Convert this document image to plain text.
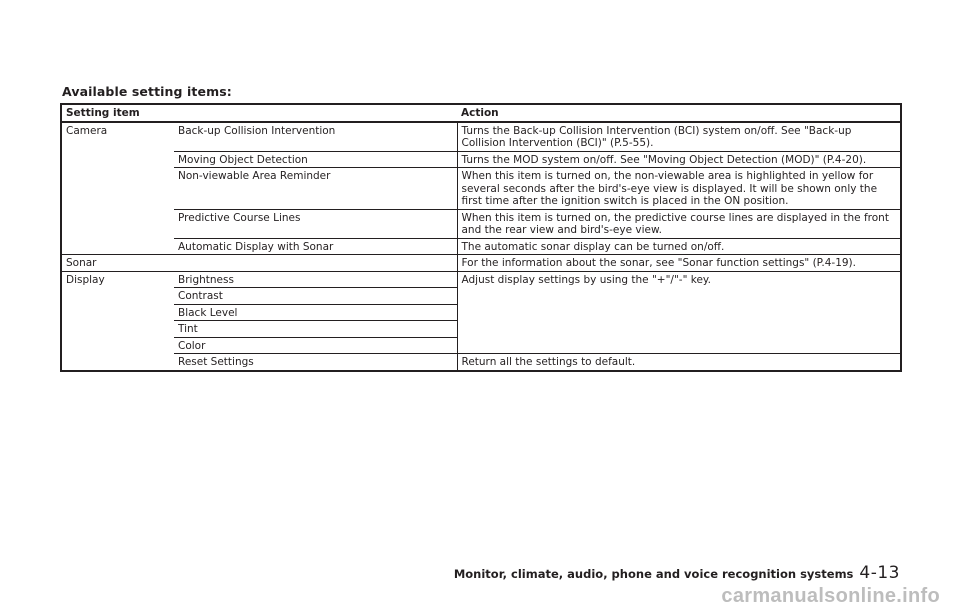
Available setting items:
Setting item		Action
Camera	Back-up Collision Intervention	Turns the Back-up Collision Intervention (BCI) system on/off. See "Back-up Collision Intervention (BCI)" (P.5-55).
	Moving Object Detection	Turns the MOD system on/off. See "Moving Object Detection (MOD)" (P.4-20).
	Non-viewable Area Reminder	When this item is turned on, the non-viewable area is highlighted in yellow for several seconds after the bird's-eye view is displayed. It will be shown only the first time after the ignition switch is placed in the ON position.
	Predictive Course Lines	When this item is turned on, the predictive course lines are displayed in the front and the rear view and bird's-eye view.
	Automatic Display with Sonar	The automatic sonar display can be turned on/off.
Sonar		For the information about the sonar, see "Sonar function settings" (P.4-19).
Display	Brightness	Adjust display settings by using the "+"/"-" key.
	Contrast	
	Black Level	
	Tint	
	Color	
	Reset Settings	Return all the settings to default.
Monitor, climate, audio, phone and voice recognition systems 4-13
carmanualsonline.info
